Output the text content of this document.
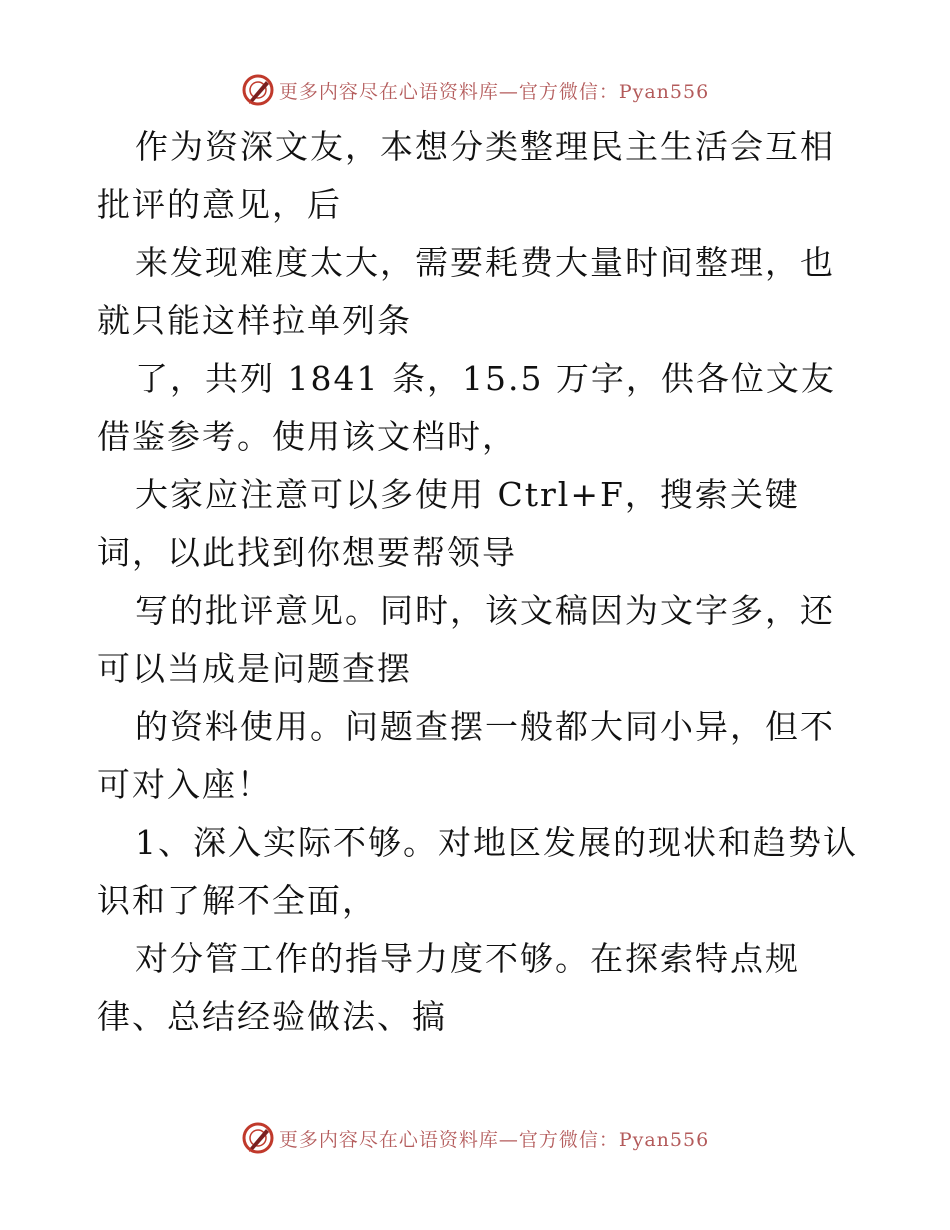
更多内容尽在心语资料库—官方微信：Pyan556

作为资深文友，本想分类整理民主生活会互相批评的意见，后

来发现难度太大，需要耗费大量时间整理，也就只能这样拉单列条

了，共列 1841 条，15.5 万字，供各位文友借鉴参考。使用该文档时，

大家应注意可以多使用 Ctrl+F，搜索关键词，以此找到你想要帮领导

写的批评意见。同时，该文稿因为文字多，还可以当成是问题查摆

的资料使用。问题查摆一般都大同小异，但不可对入座！

1、深入实际不够。对地区发展的现状和趋势认识和了解不全面，

对分管工作的指导力度不够。在探索特点规律、总结经验做法、搞

更多内容尽在心语资料库—官方微信：Pyan556
